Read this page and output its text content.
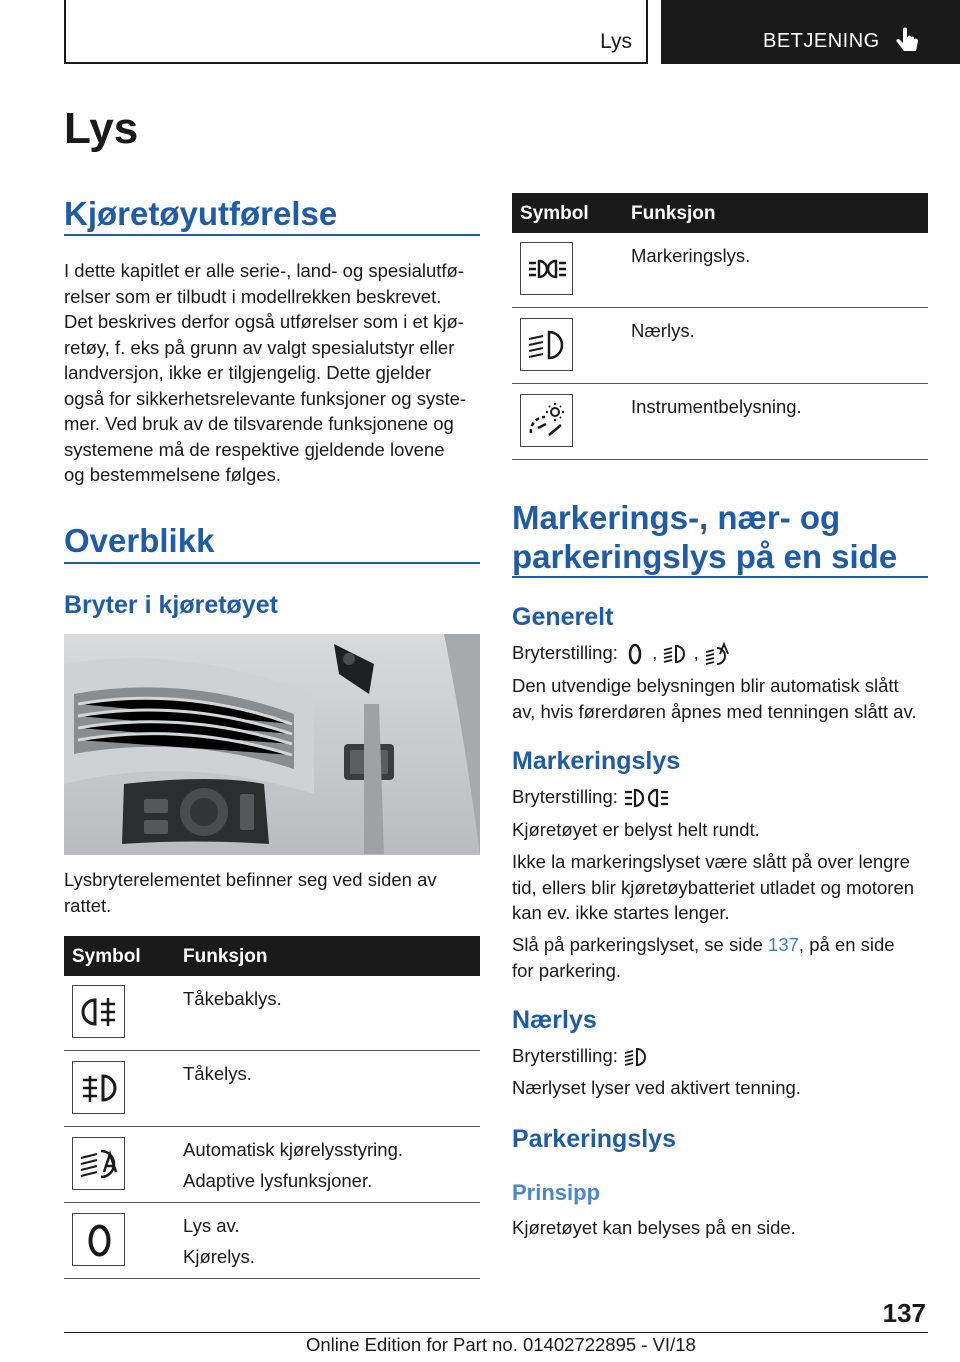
Lys	BETJENING
Lys
Kjøretøyutførelse

I dette kapitlet er alle serie-, land- og spesialutfø-

relser som er tilbudt i modellrekken beskrevet.

Det beskrives derfor også utførelser som i et kjø-

retøy, f. eks på grunn av valgt spesialutstyr eller

landversjon, ikke er tilgjengelig. Dette gjelder

også for sikkerhetsrelevante funksjoner og syste-

mer. Ved bruk av de tilsvarende funksjonene og

systemene må de respektive gjeldende lovene

og bestemmelsene følges.

Overblikk
Bryter i kjøretøyet

Lysbryterelementet befinner seg ved siden av

rattet.

Symbol Funksjon
Tåkebaklys.
Tåkelys.
Automatisk kjørelysstyring.
Adaptive lysfunksjoner.
Lys av.
Kjørelys.
Symbol Funksjon
Markeringslys.
Nærlys.
Instrumentbelysning.
Markerings-, nær- og
parkeringslys på en side
Generelt

Bryterstilling: , ,

Den utvendige belysningen blir automatisk slått

av, hvis førerdøren åpnes med tenningen slått av.

Markeringslys

Bryterstilling:

Kjøretøyet er belyst helt rundt.

Ikke la markeringslyset være slått på over lengre

tid, ellers blir kjøretøybatteriet utladet og motoren

kan ev. ikke startes lenger.

Slå på parkeringslyset, se side 137, på en side

for parkering.

Nærlys

Bryterstilling:

Nærlyset lyser ved aktivert tenning.

Parkeringslys
Prinsipp

Kjøretøyet kan belyses på en side.

137
Online Edition for Part no. 01402722895 - VI/18
